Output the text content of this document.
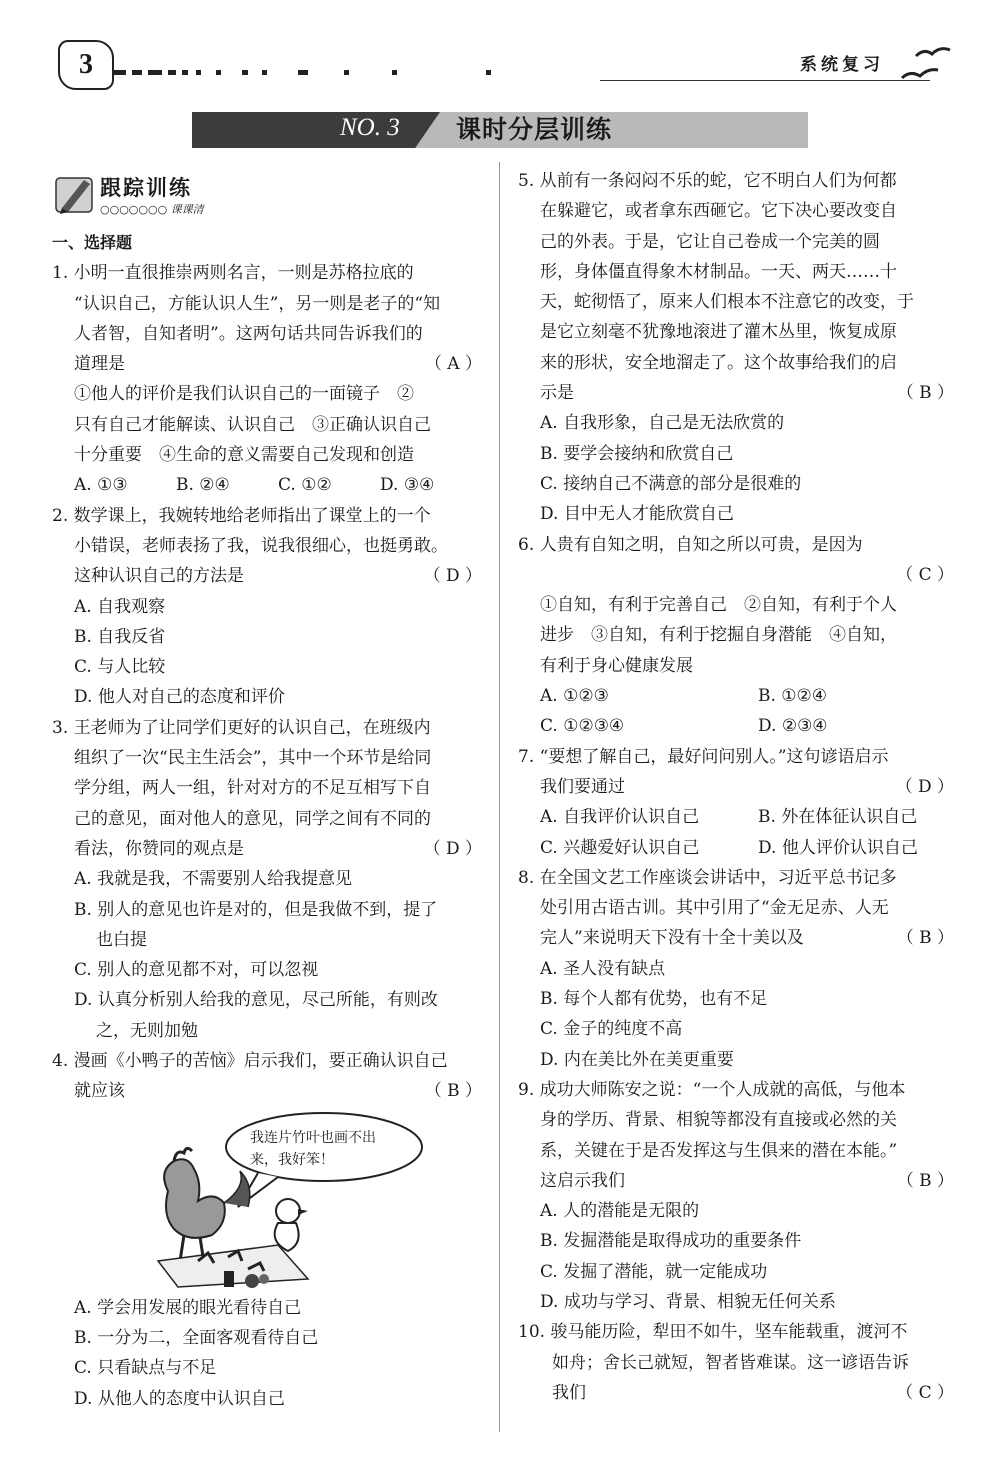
3	系统复习
NO. 3 课时分层训练
跟踪训练
○○○○○○○ 课课清
一、选择题
1. 小明一直很推崇两则名言，一则是苏格拉底的
“认识自己，方能认识人生”，另一则是老子的“知
人者智，自知者明”。这两句话共同告诉我们的
道理是	（ A ）
①他人的评价是我们认识自己的一面镜子　②
只有自己才能解读、认识自己　③正确认识自己
十分重要　④生命的意义需要自己发现和创造
A. ①③	B. ②④	C. ①②	D. ③④
2. 数学课上，我婉转地给老师指出了课堂上的一个
小错误，老师表扬了我，说我很细心，也挺勇敢。
这种认识自己的方法是	（ D ）
A. 自我观察
B. 自我反省
C. 与人比较
D. 他人对自己的态度和评价
3. 王老师为了让同学们更好的认识自己，在班级内
组织了一次“民主生活会”，其中一个环节是给同
学分组，两人一组，针对对方的不足互相写下自
己的意见，面对他人的意见，同学之间有不同的
看法，你赞同的观点是	（ D ）
A. 我就是我，不需要别人给我提意见
B. 别人的意见也许是对的，但是我做不到，提了
也白提
C. 别人的意见都不对，可以忽视
D. 认真分析别人给我的意见，尽己所能，有则改
之，无则加勉
4. 漫画《小鸭子的苦恼》启示我们，要正确认识自己
就应该	（ B ）
我连片竹叶也画不出来，我好笨！
A. 学会用发展的眼光看待自己
B. 一分为二，全面客观看待自己
C. 只看缺点与不足
D. 从他人的态度中认识自己
5. 从前有一条闷闷不乐的蛇，它不明白人们为何都
在躲避它，或者拿东西砸它。它下决心要改变自
己的外表。于是，它让自己卷成一个完美的圆
形，身体僵直得象木材制品。一天、两天……十
天，蛇彻悟了，原来人们根本不注意它的改变，于
是它立刻毫不犹豫地滚进了灌木丛里，恢复成原
来的形状，安全地溜走了。这个故事给我们的启
示是	（ B ）
A. 自我形象，自己是无法欣赏的
B. 要学会接纳和欣赏自己
C. 接纳自己不满意的部分是很难的
D. 目中无人才能欣赏自己
6. 人贵有自知之明，自知之所以可贵，是因为
（ C ）
①自知，有利于完善自己　②自知，有利于个人
进步　③自知，有利于挖掘自身潜能　④自知，
有利于身心健康发展
A. ①②③	B. ①②④
C. ①②③④	D. ②③④
7. “要想了解自己，最好问问别人。”这句谚语启示
我们要通过	（ D ）
A. 自我评价认识自己	B. 外在体征认识自己
C. 兴趣爱好认识自己	D. 他人评价认识自己
8. 在全国文艺工作座谈会讲话中，习近平总书记多
处引用古语古训。其中引用了“金无足赤、人无
完人”来说明天下没有十全十美以及	（ B ）
A. 圣人没有缺点
B. 每个人都有优势，也有不足
C. 金子的纯度不高
D. 内在美比外在美更重要
9. 成功大师陈安之说：“一个人成就的高低，与他本
身的学历、背景、相貌等都没有直接或必然的关
系，关键在于是否发挥这与生俱来的潜在本能。”
这启示我们	（ B ）
A. 人的潜能是无限的
B. 发掘潜能是取得成功的重要条件
C. 发掘了潜能，就一定能成功
D. 成功与学习、背景、相貌无任何关系
10. 骏马能历险，犁田不如牛，坚车能载重，渡河不
如舟；舍长己就短，智者皆难谋。这一谚语告诉
我们	（ C ）
